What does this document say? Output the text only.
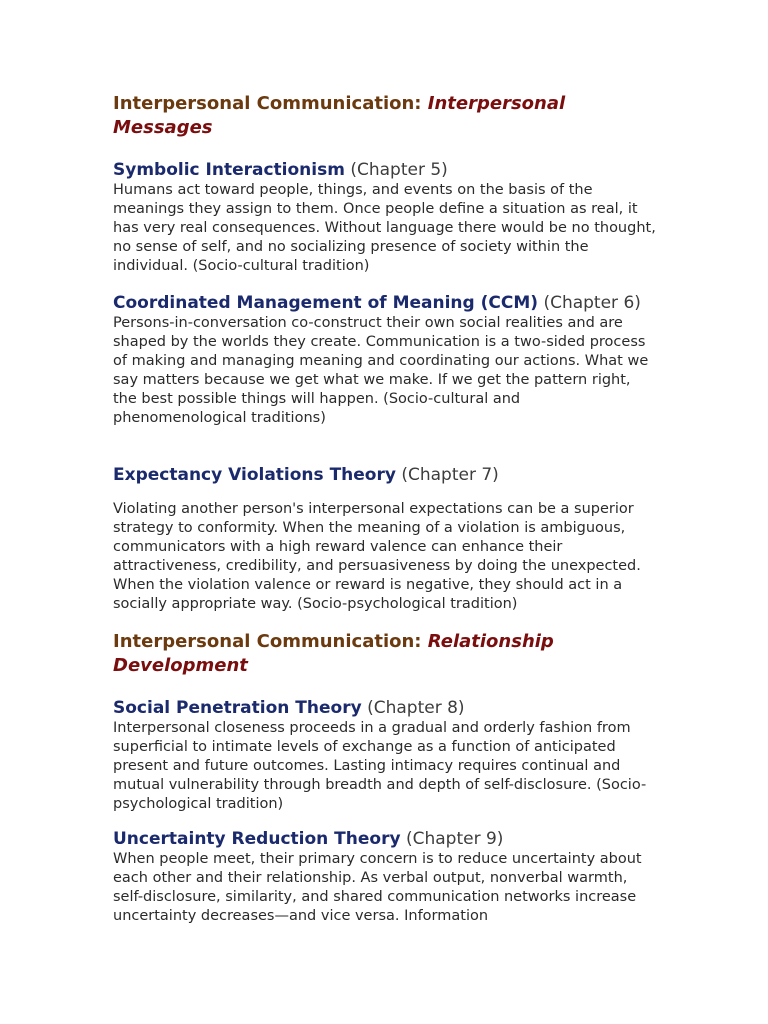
Interpersonal Communication: Interpersonal Messages

Symbolic Interactionism (Chapter 5)

Humans act toward people, things, and events on the basis of the meanings they assign to them. Once people define a situation as real, it has very real consequences. Without language there would be no thought, no sense of self, and no socializing presence of society within the individual. (Socio-cultural tradition)

Coordinated Management of Meaning (CCM) (Chapter 6)

Persons-in-conversation co-construct their own social realities and are shaped by the worlds they create. Communication is a two-sided process of making and managing meaning and coordinating our actions. What we say matters because we get what we make. If we get the pattern right, the best possible things will happen. (Socio-cultural and phenomenological traditions)

Expectancy Violations Theory (Chapter 7)

Violating another person's interpersonal expectations can be a superior strategy to conformity. When the meaning of a violation is ambiguous, communicators with a high reward valence can enhance their attractiveness, credibility, and persuasiveness by doing the unexpected. When the violation valence or reward is negative, they should act in a socially appropriate way. (Socio-psychological tradition)

Interpersonal Communication: Relationship Development

Social Penetration Theory (Chapter 8)

Interpersonal closeness proceeds in a gradual and orderly fashion from superficial to intimate levels of exchange as a function of anticipated present and future outcomes. Lasting intimacy requires continual and mutual vulnerability through breadth and depth of self-disclosure. (Socio-psychological tradition)

Uncertainty Reduction Theory (Chapter 9)

When people meet, their primary concern is to reduce uncertainty about each other and their relationship. As verbal output, nonverbal warmth, self-disclosure, similarity, and shared communication networks increase uncertainty decreases—and vice versa. Information
